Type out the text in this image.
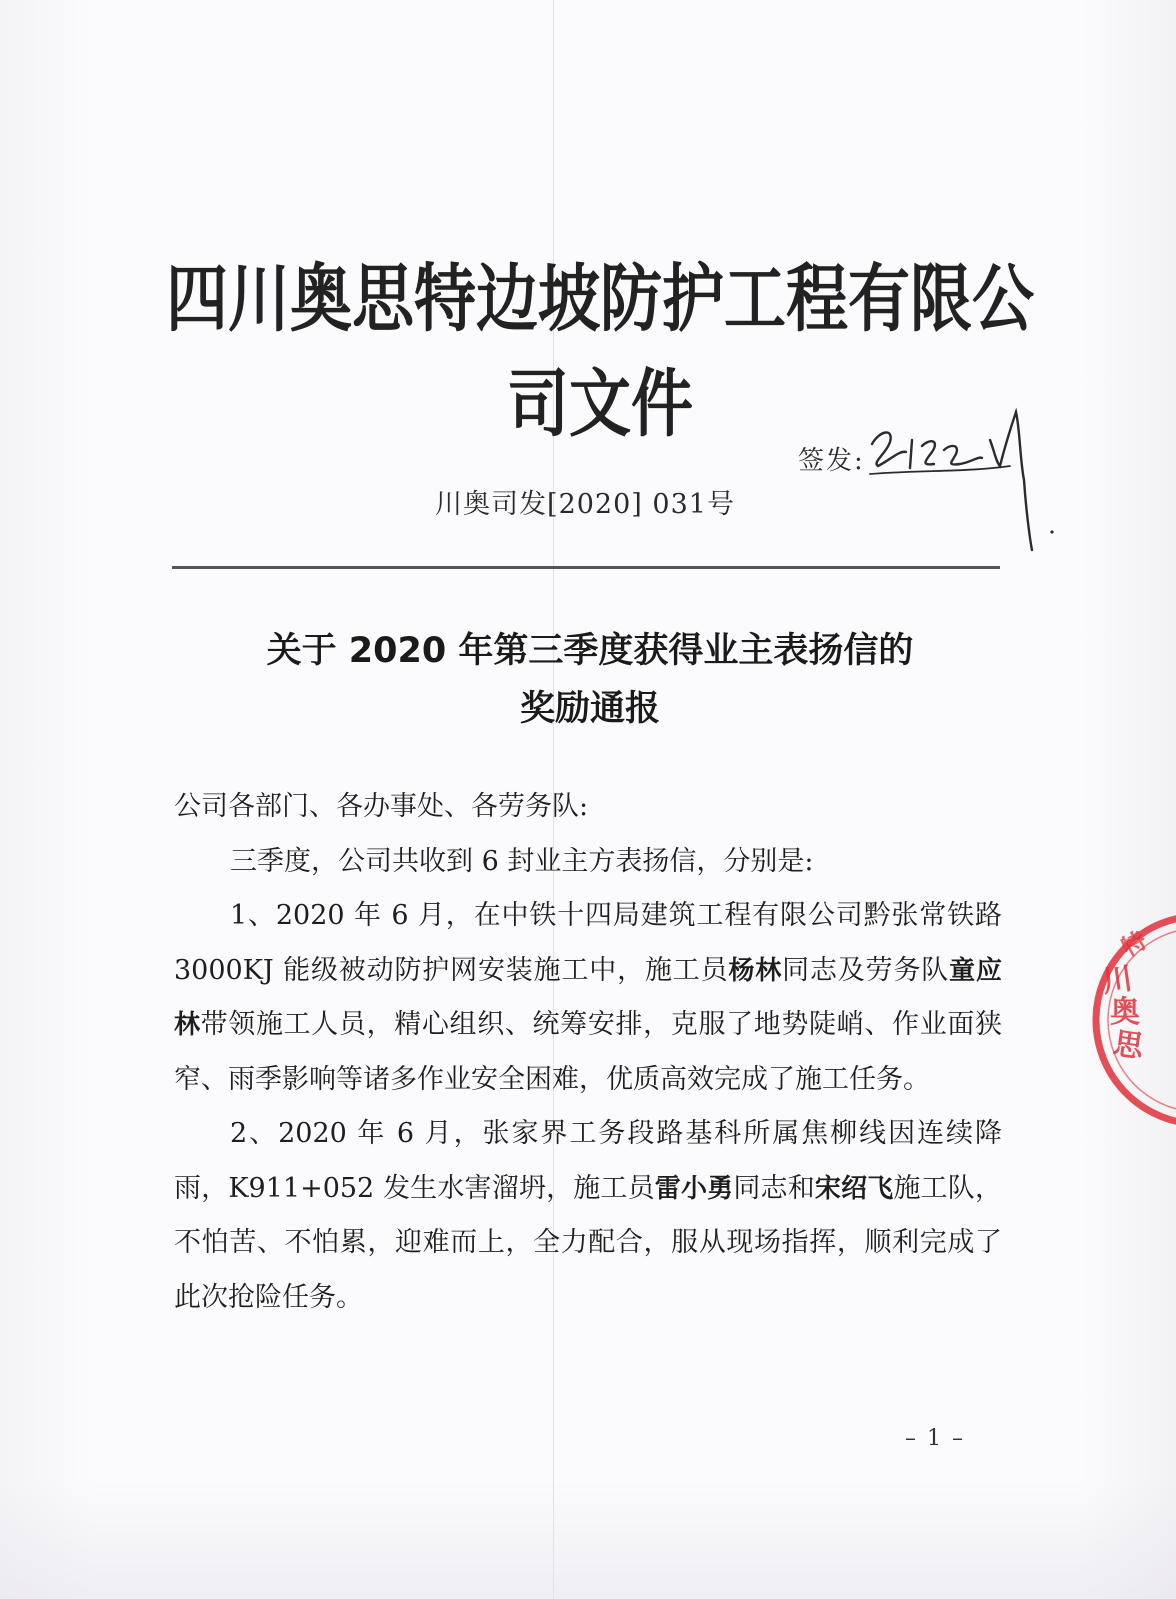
四川奥思特边坡防护工程有限公司文件
签发:
川奥司发[2020] 031号
关于 2020 年第三季度获得业主表扬信的
奖励通报

公司各部门、各办事处、各劳务队:

三季度，公司共收到 6 封业主方表扬信，分别是:

1、2020 年 6 月，在中铁十四局建筑工程有限公司黔张常铁路 3000KJ 能级被动防护网安装施工中，施工员杨林同志及劳务队童应林带领施工人员，精心组织、统筹安排，克服了地势陡峭、作业面狭窄、雨季影响等诸多作业安全困难，优质高效完成了施工任务。

2、2020 年 6 月，张家界工务段路基科所属焦柳线因连续降雨，K911+052 发生水害溜坍，施工员雷小勇同志和宋绍飞施工队，不怕苦、不怕累，迎难而上，全力配合，服从现场指挥，顺利完成了此次抢险任务。

川
奥
思
特
– 1 –
